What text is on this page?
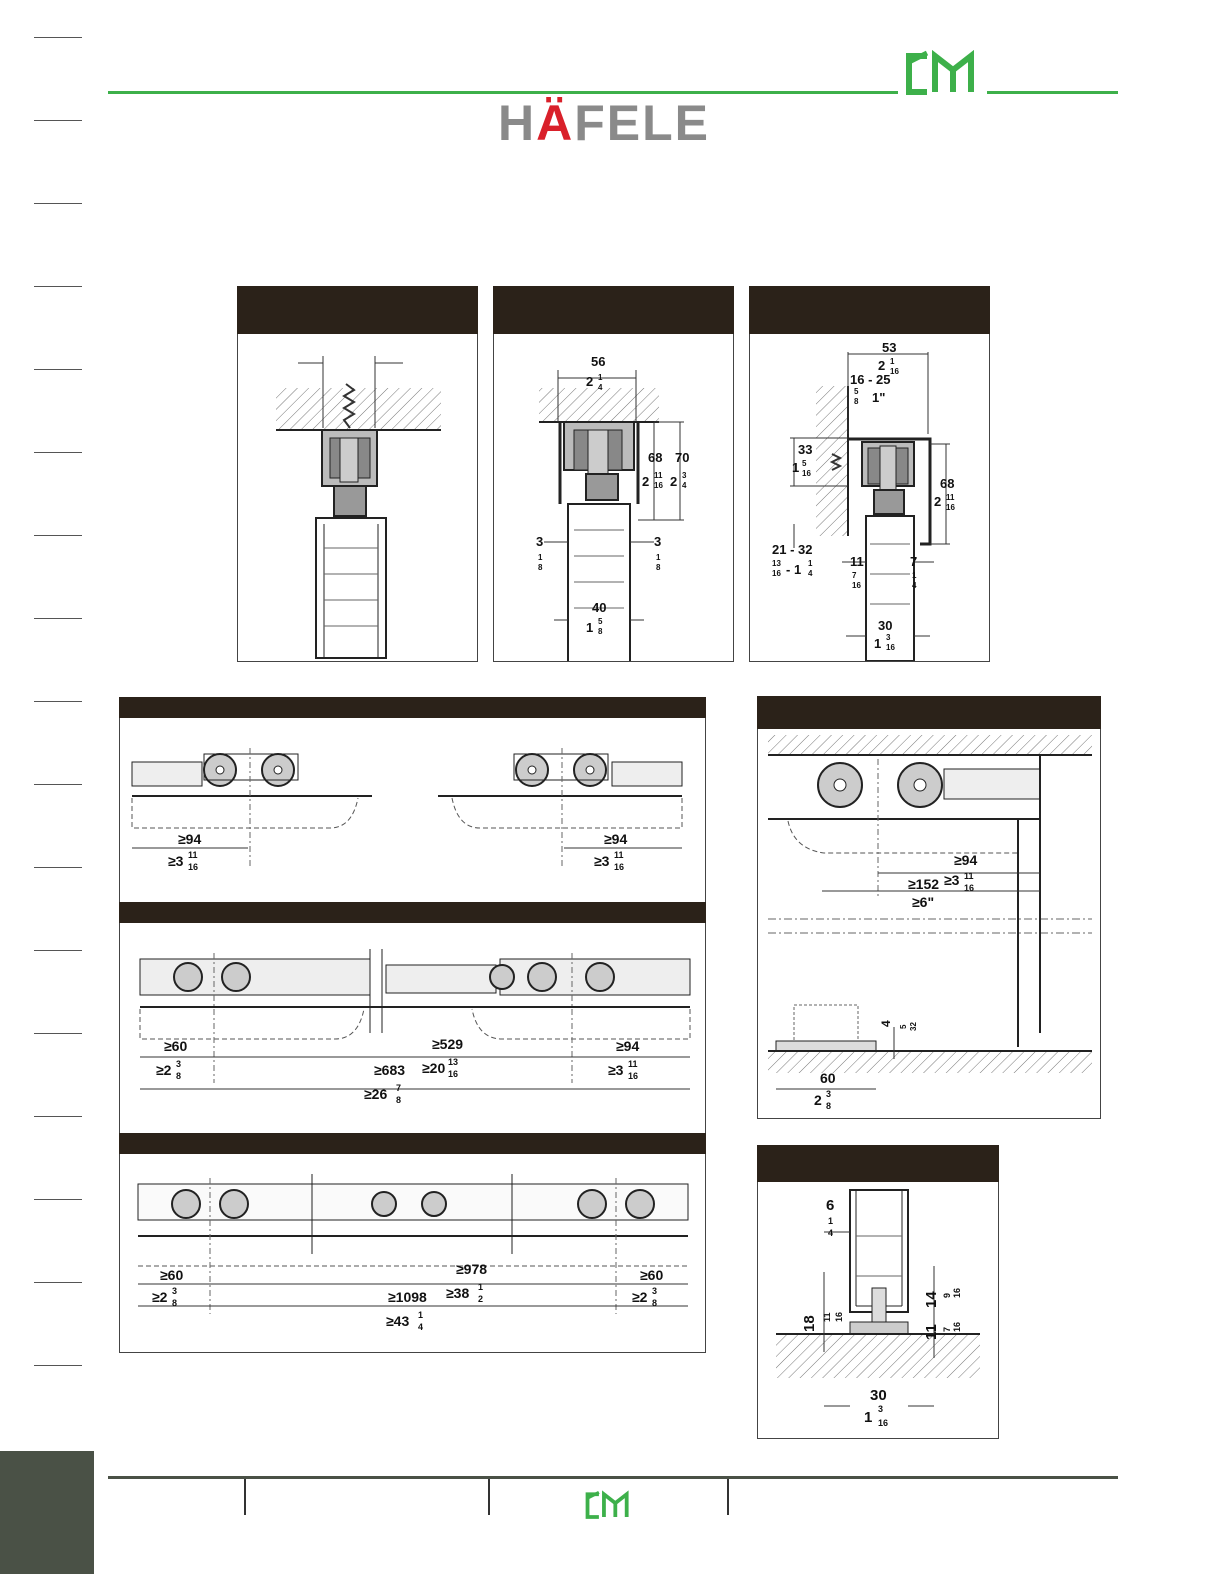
HÄFELE
56
2 1
4
68
2 11
16
70
2 3
4
3
1
8
3
1
8
40
1 5
8
53
2 1
16
16 - 25
5
8 1"
33
1 5
16
68
2 11
16
21 - 32
13
16 - 1 1
4
11
7
16
7
1
4
30
1 3
16
≥94
≥3 11
16
≥94
≥3 11
16
≥60
≥2 3
8
≥529
≥20 13
16
≥94
≥3 11
16
≥683
≥26 7
8
≥60
≥2 3
8
≥978
≥38 1
2
≥60
≥2 3
8
≥1098
≥43 1
4
≥94
≥3 11
16
≥152
≥6"
4 5 32
60
2 3
8
6
1
4
18 11 16
14 9 16
11 7 16
30
1 3
16
